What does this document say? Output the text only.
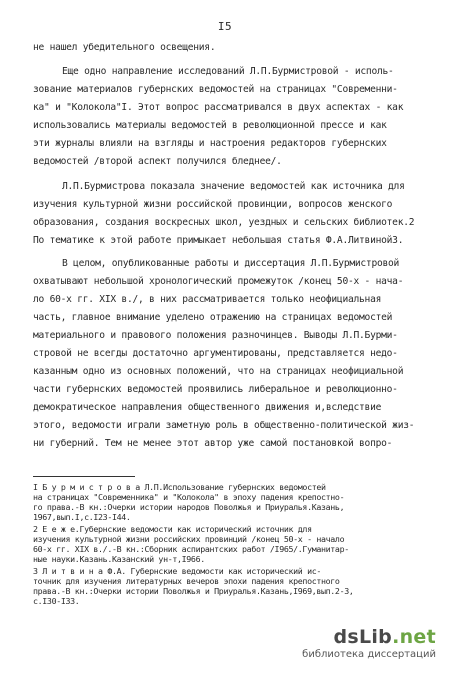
I5
не нашел убедительного освещения.
Еще одно направление исследований Л.П.Бурмистровой - исполь-
зование материалов губернских ведомостей на страницах "Современни-
ка" и "Колокола"I. Этот вопрос рассматривался в двух аспектах - как
использовались материалы ведомостей в революционной прессе и как
эти журналы влияли на взгляды и настроения редакторов губернских
ведомостей /второй аспект получился бледнее/.
Л.П.Бурмистрова показала значение ведомостей как источника для
изучения культурной жизни российской провинции, вопросов женского
образования, создания воскресных школ, уездных и сельских библиотек.2
По тематике к этой работе примыкает небольшая статья Ф.А.Литвиной3.
В целом, опубликованные работы и диссертация Л.П.Бурмистровой
охватывают небольшой хронологический промежуток /конец 50-х - нача-
ло 60-х гг. XIX в./, в них рассматривается только неофициальная
часть, главное внимание уделено отражению на страницах ведомостей
материального и правового положения разночинцев. Выводы Л.П.Бурми-
стровой не всегды достаточно аргументированы, представляется недо-
казанным одно из основных положений, что на страницах неофициальной
части губернских ведомостей проявились либеральное и революционно-
демократическое направления общественного движения и,вследствие
этого, ведомости играли заметную роль в общественно-политической жиз-
ни губерний. Тем не менее этот автор уже самой постановкой вопро-
I Б у р м и с т р о в а Л.П.Использование губернских ведомостей
на страницах "Современника" и "Колокола" в эпоху падения крепостно-
го права.-В кн.:Очерки истории народов Поволжья и Приуралья.Казань,
1967,вып.I,с.I23-I44.
2 Е е ж е.Губернские ведомости как исторический источник для
изучения культурной жизни российских провинций /конец 50-х - начало
60-х гг. XIX в./.-В кн.:Сборник аспирантских работ /I965/.Гуманитар-
ные науки.Казань.Казанский ун-т,I966.
3 Л и т в и н а Ф.А. Губернские ведомости как исторический ис-
точник для изучения литературных вечеров эпохи падения крепостного
права.-В кн.:Очерки истории Поволжья и Приуралья.Казань,I969,вып.2-3,
с.I30-I33.
dsLib.net
библиотека диссертаций
